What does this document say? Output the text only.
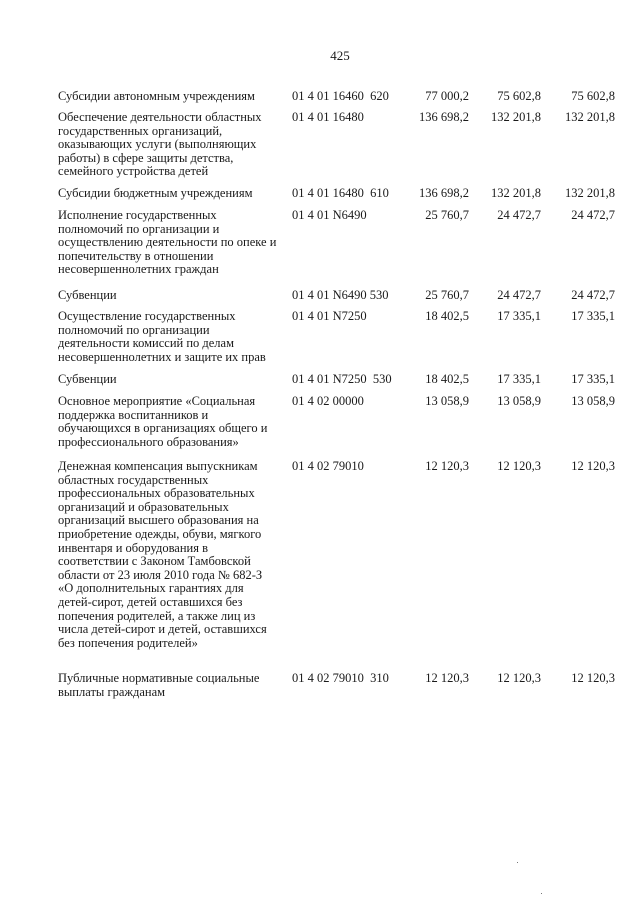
425
Субсидии автономным учреждениям	01 4 01 16460  620	77 000,2 75 602,8 75 602,8
Обеспечение деятельности областных
государственных организаций,
оказывающих услуги (выполняющих
работы) в сфере защиты детства,
семейного устройства детей
01 4 01 16480	136 698,2 132 201,8 132 201,8
Субсидии бюджетным учреждениям	01 4 01 16480  610	136 698,2 132 201,8 132 201,8
Исполнение государственных
полномочий по организации и
осуществлению деятельности по опеке и
попечительству в отношении
несовершеннолетних граждан
01 4 01 N6490	25 760,7 24 472,7 24 472,7
Субвенции	01 4 01 N6490 530	25 760,7 24 472,7 24 472,7
Осуществление государственных
полномочий по организации
деятельности комиссий по делам
несовершеннолетних и защите их прав
01 4 01 N7250	18 402,5 17 335,1 17 335,1
Субвенции	01 4 01 N7250  530	18 402,5 17 335,1 17 335,1
Основное мероприятие «Социальная
поддержка воспитанников и
обучающихся в организациях общего и
профессионального образования»
01 4 02 00000	13 058,9 13 058,9 13 058,9
Денежная компенсация выпускникам
областных государственных
профессиональных образовательных
организаций и образовательных
организаций высшего образования на
приобретение одежды, обуви, мягкого
инвентаря и оборудования в
соответствии с Законом Тамбовской
области от 23 июля 2010 года № 682-З
«О дополнительных гарантиях для
детей-сирот, детей оставшихся без
попечения родителей, а также лиц из
числа детей-сирот и детей, оставшихся
без попечения родителей»
01 4 02 79010	12 120,3 12 120,3 12 120,3
Публичные нормативные социальные
выплаты гражданам
01 4 02 79010  310	12 120,3 12 120,3 12 120,3
